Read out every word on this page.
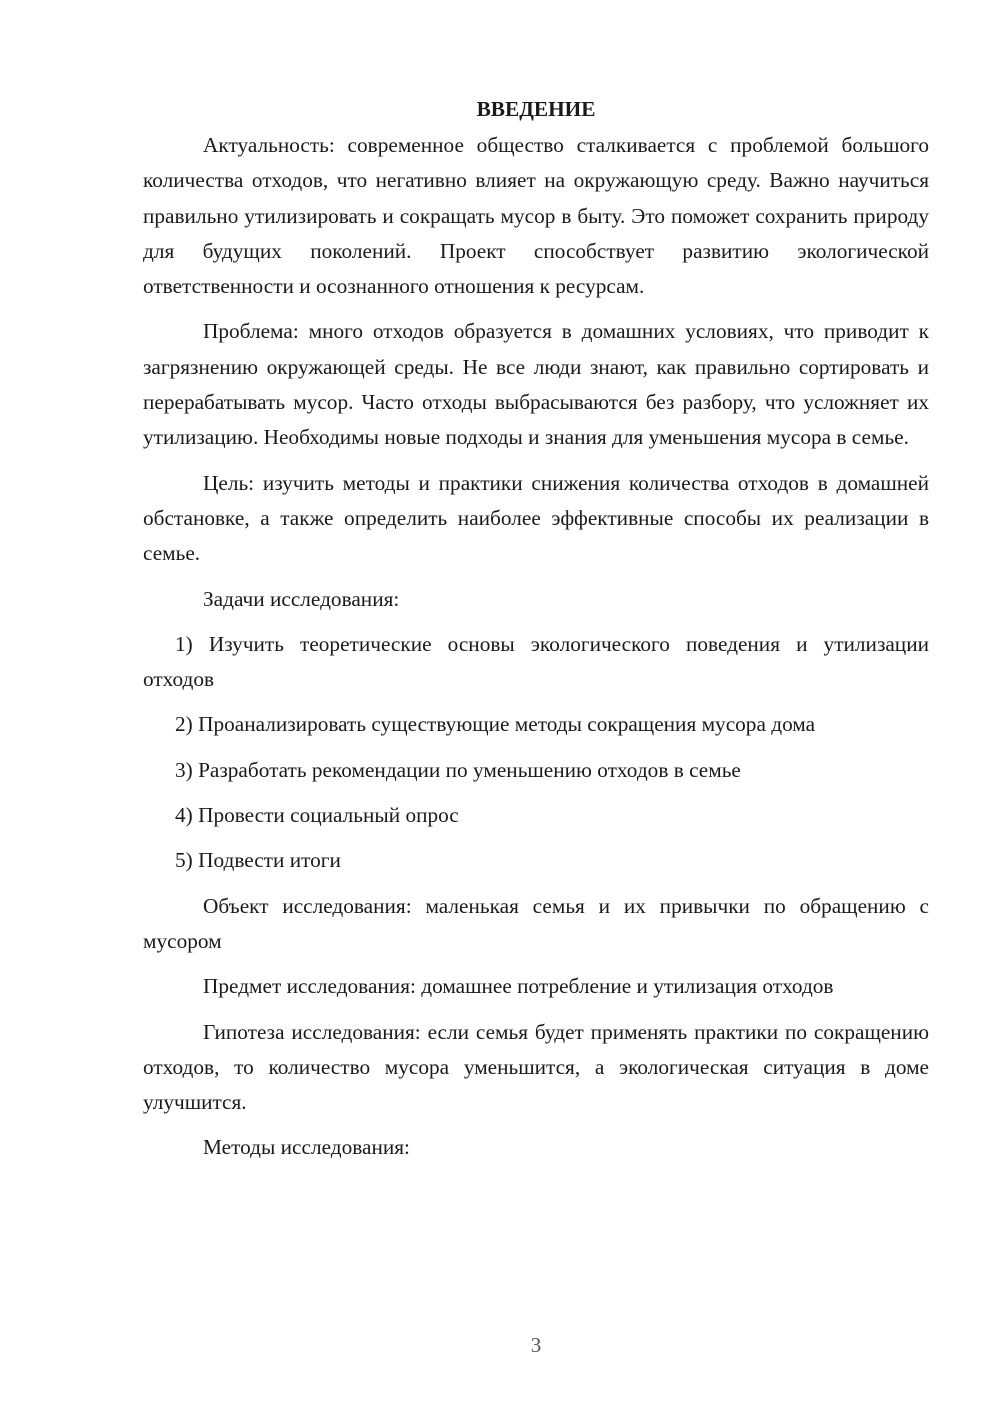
ВВЕДЕНИЕ

Актуальность: современное общество сталкивается с проблемой большого количества отходов, что негативно влияет на окружающую среду. Важно научиться правильно утилизировать и сокращать мусор в быту. Это поможет сохранить природу для будущих поколений. Проект способствует развитию экологической ответственности и осознанного отношения к ресурсам.

Проблема: много отходов образуется в домашних условиях, что приводит к загрязнению окружающей среды. Не все люди знают, как правильно сортировать и перерабатывать мусор. Часто отходы выбрасываются без разбору, что усложняет их утилизацию. Необходимы новые подходы и знания для уменьшения мусора в семье.

Цель: изучить методы и практики снижения количества отходов в домашней обстановке, а также определить наиболее эффективные способы их реализации в семье.

Задачи исследования:

1) Изучить теоретические основы экологического поведения и утилизации отходов

2) Проанализировать существующие методы сокращения мусора дома

3) Разработать рекомендации по уменьшению отходов в семье

4) Провести социальный опрос

5) Подвести итоги

Объект исследования: маленькая семья и их привычки по обращению с мусором

Предмет исследования: домашнее потребление и утилизация отходов

Гипотеза исследования: если семья будет применять практики по сокращению отходов, то количество мусора уменьшится, а экологическая ситуация в доме улучшится.

Методы исследования:

3
